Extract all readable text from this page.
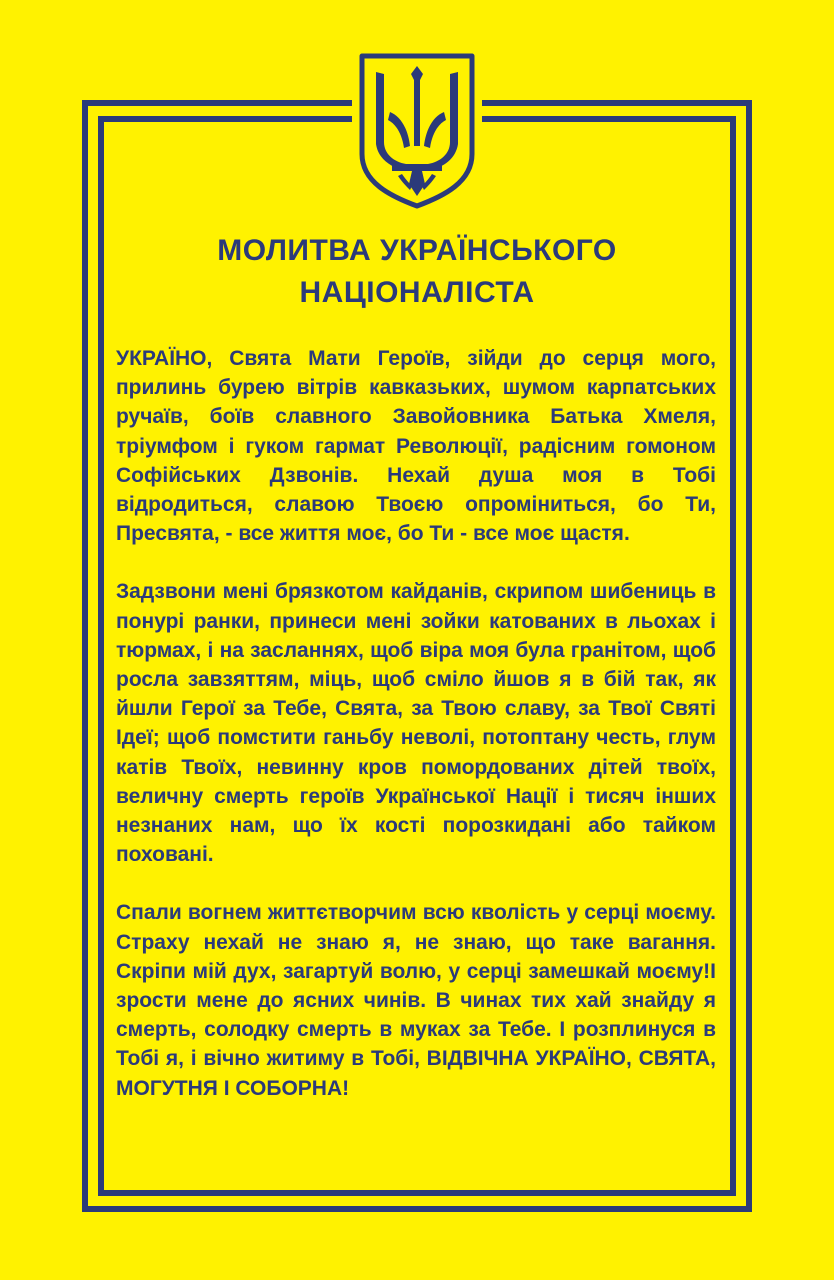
МОЛИТВА УКРАЇНСЬКОГО
НАЦІОНАЛІСТА

УКРАЇНО, Свята Мати Героїв, зійди до серця мого, прилинь бурею вітрів кавказьких, шумом карпатських ручаїв, боїв славного Завойовника Батька Хмеля, тріумфом і гуком гармат Революції, радісним гомоном Софійських Дзвонів. Нехай душа моя в Тобі відродиться, славою Твоєю опроміниться, бо Ти, Пресвята, - все життя моє, бо Ти - все моє щастя.

Задзвони мені брязкотом кайданів, скрипом шибениць в понурі ранки, принеси мені зойки катованих в льохах і тюрмах, і на засланнях, щоб віра моя була гранітом, щоб росла завзяттям, міць, щоб сміло йшов я в бій так, як йшли Герої за Тебе, Свята, за Твою славу, за Твої Святі Ідеї; щоб помстити ганьбу неволі, потоптану честь, глум катів Твоїх, невинну кров помордованих дітей твоїх, величну смерть героїв Української Нації і тисяч інших незнаних нам, що їх кості порозкидані або тайком поховані.

Спали вогнем життєтворчим всю кволість у серці моєму. Страху нехай не знаю я, не знаю, що таке вагання. Скріпи мій дух, загартуй волю, у серці замешкай моєму!І зрости мене до ясних чинів. В чинах тих хай знайду я смерть, солодку смерть в муках за Тебе. І розплинуся в Тобі я, і вічно житиму в Тобі, ВІДВІЧНА УКРАЇНО, СВЯТА, МОГУТНЯ І СОБОРНА!
